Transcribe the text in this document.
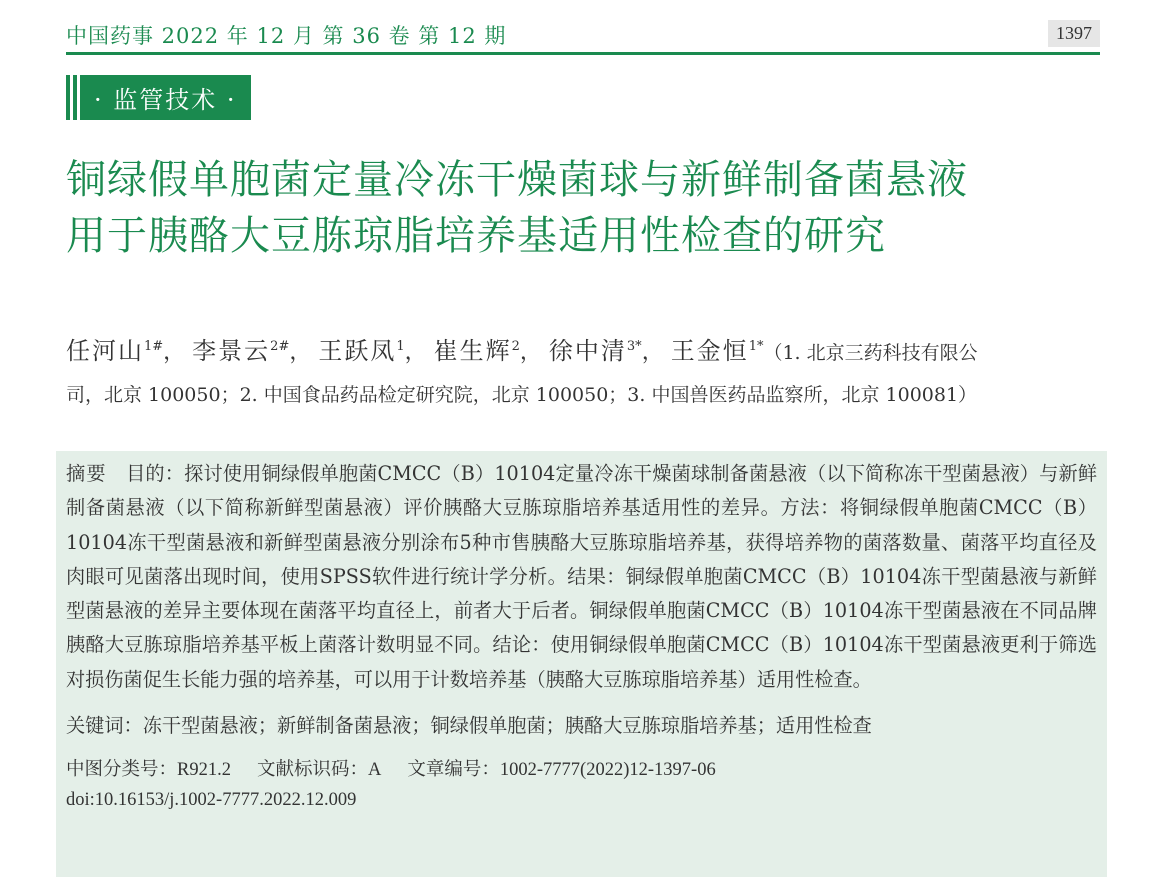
中国药事 2022 年 12 月 第 36 卷 第 12 期	1397
· 监管技术 ·
铜绿假单胞菌定量冷冻干燥菌球与新鲜制备菌悬液
用于胰酪大豆胨琼脂培养基适用性检查的研究
任河山$^{1\#}$， 李景云$^{2\#}$， 王跃凤$^1$， 崔生辉$^2$， 徐中清$^{3*}$， 王金恒$^{1*}$（1. 北京三药科技有限公
司，北京 100050；2. 中国食品药品检定研究院，北京 100050；3. 中国兽医药品监察所，北京 100081）
摘要　 目的：探讨使用铜绿假单胞菌CMCC（B）10104定量冷冻干燥菌球制备菌悬液（以下简称冻干型菌悬液）与新鲜制备菌悬液（以下简称新鲜型菌悬液）评价胰酪大豆胨琼脂培养基适用性的差异。方法：将铜绿假单胞菌CMCC（B）10104冻干型菌悬液和新鲜型菌悬液分别涂布5种市售胰酪大豆胨琼脂培养基，获得培养物的菌落数量、菌落平均直径及肉眼可见菌落出现时间，使用SPSS软件进行统计学分析。结果：铜绿假单胞菌CMCC（B）10104冻干型菌悬液与新鲜型菌悬液的差异主要体现在菌落平均直径上，前者大于后者。铜绿假单胞菌CMCC（B）10104冻干型菌悬液在不同品牌胰酪大豆胨琼脂培养基平板上菌落计数明显不同。结论：使用铜绿假单胞菌CMCC（B）10104冻干型菌悬液更利于筛选对损伤菌促生长能力强的培养基，可以用于计数培养基（胰酪大豆胨琼脂培养基）适用性检查。
关键词：冻干型菌悬液；新鲜制备菌悬液；铜绿假单胞菌；胰酪大豆胨琼脂培养基；适用性检查
中图分类号：R921.2 文献标识码：A 文章编号：1002-7777(2022)12-1397-06
doi:10.16153/j.1002-7777.2022.12.009
